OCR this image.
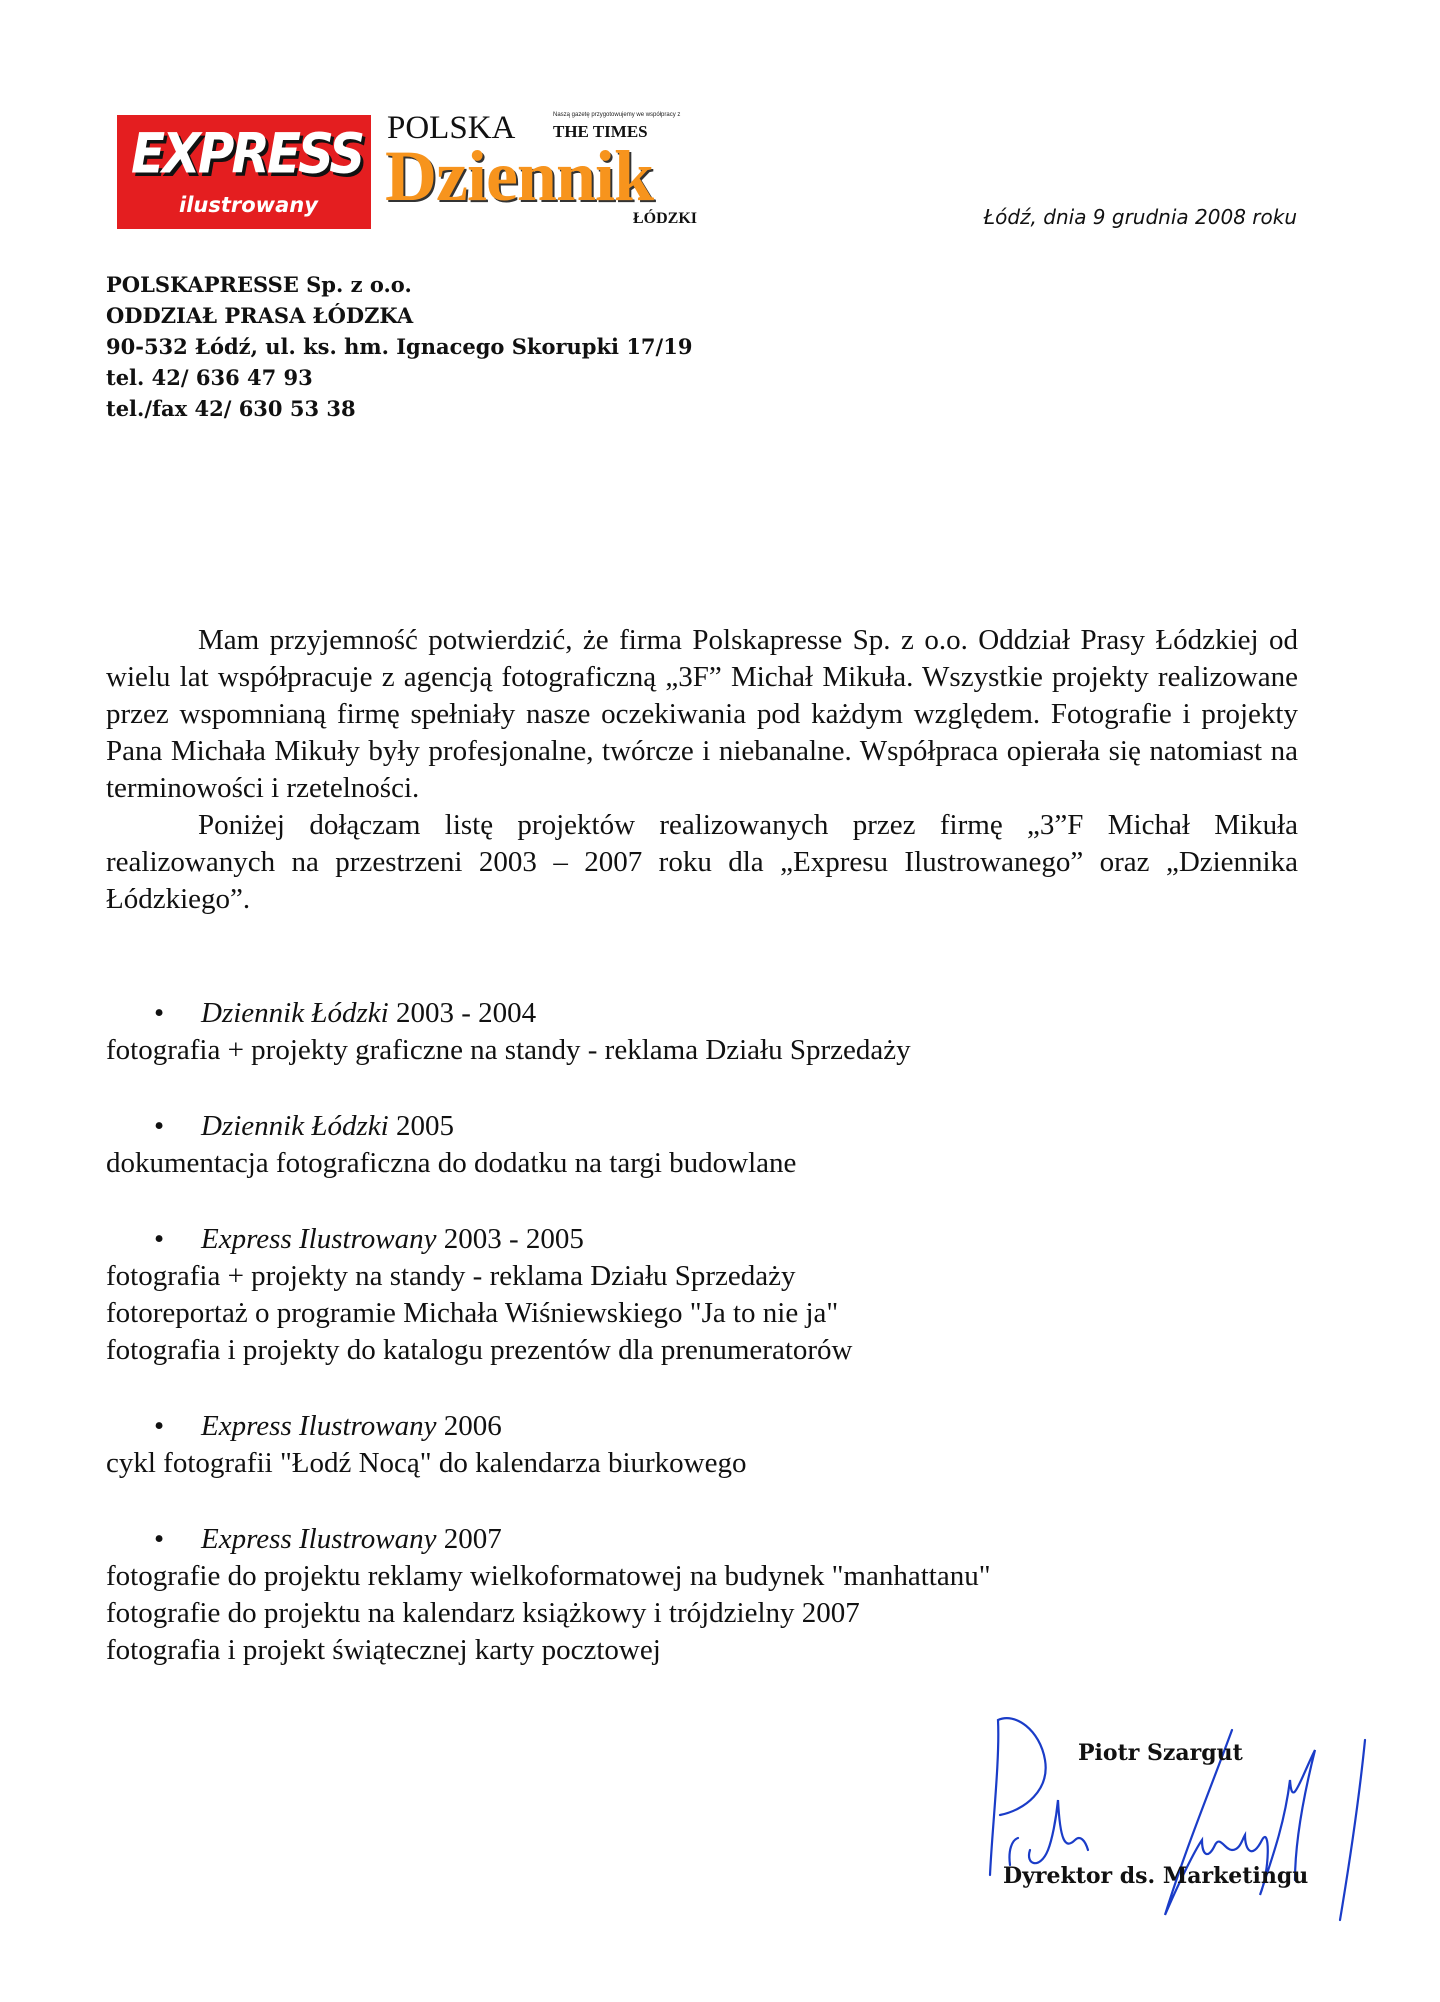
EXPRESS
ilustrowany
POLSKA	Naszą gazetę przygotowujemy we współpracy z
THE TIMES
Dziennik
ŁÓDZKI	Łódź, dnia 9 grudnia 2008 roku
POLSKAPRESSE Sp. z o.o.
ODDZIAŁ PRASA ŁÓDZKA
90-532 Łódź, ul. ks. hm. Ignacego Skorupki 17/19
tel. 42/ 636 47 93
tel./fax 42/ 630 53 38

Mam przyjemność potwierdzić, że firma Polskapresse Sp. z o.o. Oddział Prasy Łódzkiej od wielu lat współpracuje z agencją fotograficzną „3F” Michał Mikuła. Wszystkie projekty realizowane przez wspomnianą firmę spełniały nasze oczekiwania pod każdym względem. Fotografie i projekty Pana Michała Mikuły były profesjonalne, twórcze i niebanalne. Współpraca opierała się natomiast na terminowości i rzetelności.

Poniżej dołączam listę projektów realizowanych przez firmę „3”F Michał Mikuła realizowanych na przestrzeni 2003 – 2007 roku dla „Expresu Ilustrowanego” oraz „Dziennika Łódzkiego”.

• Dziennik Łódzki 2003 - 2004
fotografia + projekty graficzne na standy - reklama Działu Sprzedaży
• Dziennik Łódzki 2005
dokumentacja fotograficzna do dodatku na targi budowlane
• Express Ilustrowany 2003 - 2005
fotografia + projekty na standy - reklama Działu Sprzedaży
fotoreportaż o programie Michała Wiśniewskiego "Ja to nie ja"
fotografia i projekty do katalogu prezentów dla prenumeratorów
• Express Ilustrowany 2006
cykl fotografii "Łodź Nocą" do kalendarza biurkowego
• Express Ilustrowany 2007
fotografie do projektu reklamy wielkoformatowej na budynek "manhattanu"
fotografie do projektu na kalendarz książkowy i trójdzielny 2007
fotografia i projekt świątecznej karty pocztowej
Piotr Szargut
Dyrektor ds. Marketingu
